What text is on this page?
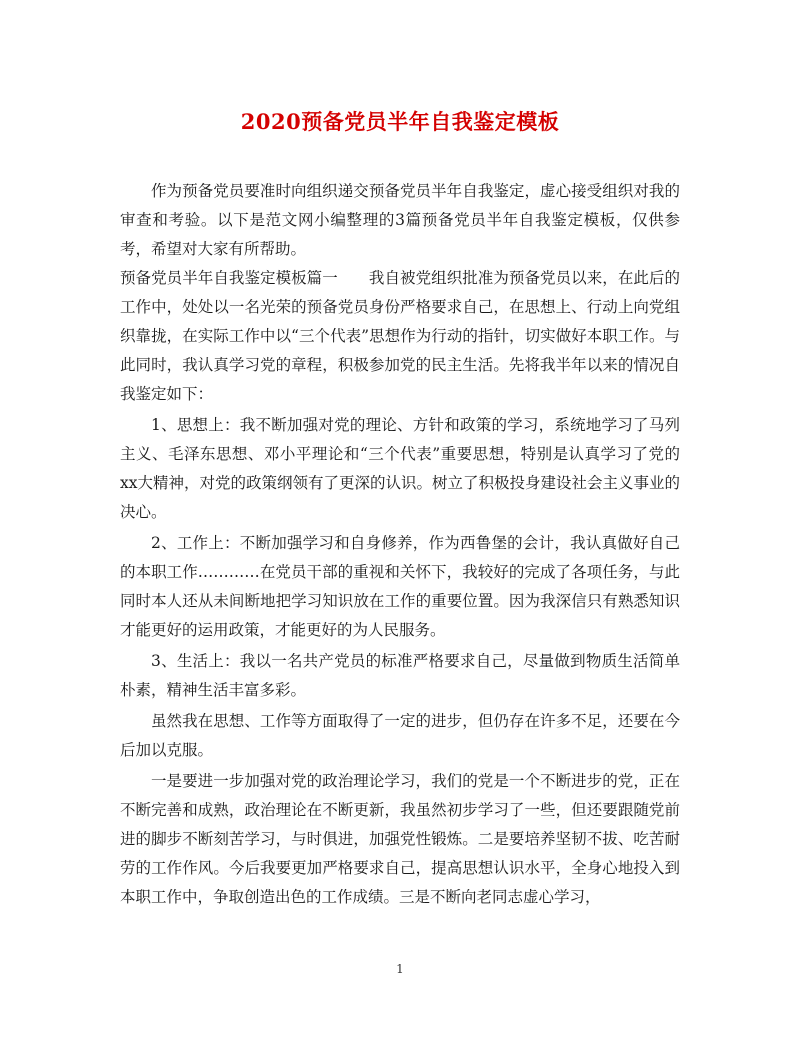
2020预备党员半年自我鉴定模板

作为预备党员要准时向组织递交预备党员半年自我鉴定，虚心接受组织对我的审查和考验。以下是范文网小编整理的3篇预备党员半年自我鉴定模板，仅供参考，希望对大家有所帮助。

预备党员半年自我鉴定模板篇一　　我自被党组织批准为预备党员以来，在此后的工作中，处处以一名光荣的预备党员身份严格要求自己，在思想上、行动上向党组织靠拢，在实际工作中以“三个代表”思想作为行动的指针，切实做好本职工作。与此同时，我认真学习党的章程，积极参加党的民主生活。先将我半年以来的情况自我鉴定如下：

1、思想上：我不断加强对党的理论、方针和政策的学习，系统地学习了马列主义、毛泽东思想、邓小平理论和“三个代表”重要思想，特别是认真学习了党的xx大精神，对党的政策纲领有了更深的认识。树立了积极投身建设社会主义事业的决心。

2、工作上：不断加强学习和自身修养，作为西鲁堡的会计，我认真做好自己的本职工作…………在党员干部的重视和关怀下，我较好的完成了各项任务，与此同时本人还从未间断地把学习知识放在工作的重要位置。因为我深信只有熟悉知识才能更好的运用政策，才能更好的为人民服务。

3、生活上：我以一名共产党员的标准严格要求自己，尽量做到物质生活简单朴素，精神生活丰富多彩。

虽然我在思想、工作等方面取得了一定的进步，但仍存在许多不足，还要在今后加以克服。

一是要进一步加强对党的政治理论学习，我们的党是一个不断进步的党，正在不断完善和成熟，政治理论在不断更新，我虽然初步学习了一些，但还要跟随党前进的脚步不断刻苦学习，与时俱进，加强党性锻炼。二是要培养坚韧不拔、吃苦耐劳的工作作风。今后我要更加严格要求自己，提高思想认识水平，全身心地投入到本职工作中，争取创造出色的工作成绩。三是不断向老同志虚心学习，

1
